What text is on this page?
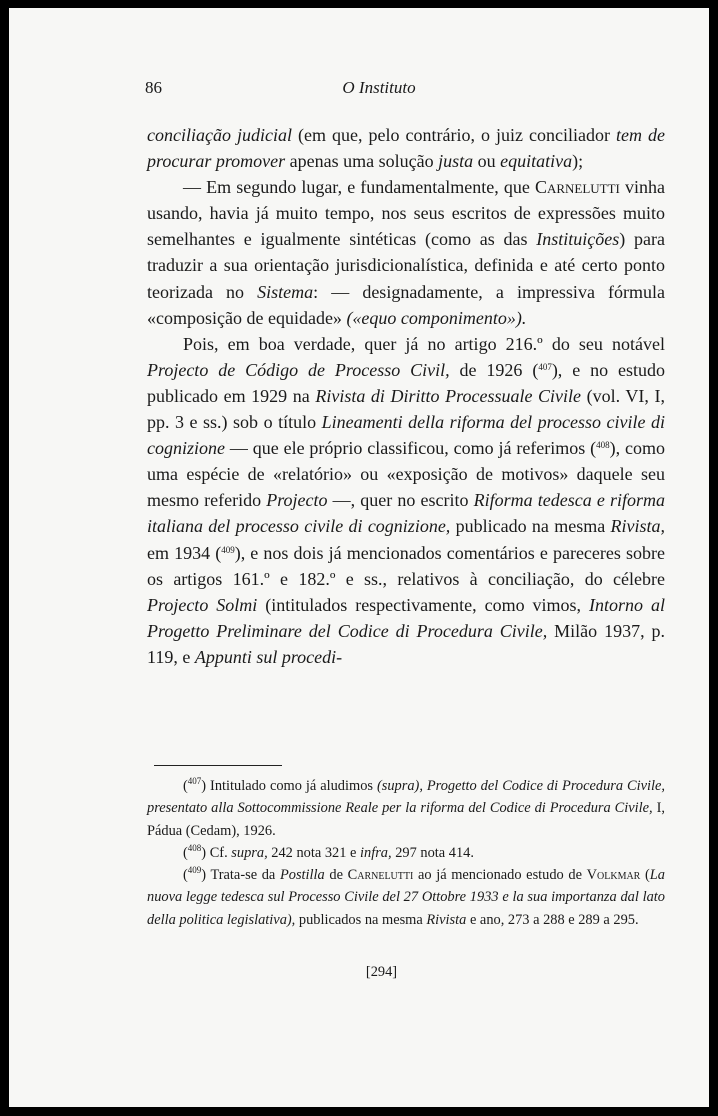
86	O Instituto

conciliação judicial (em que, pelo contrário, o juiz conciliador tem de procurar promover apenas uma solução justa ou equitativa);

— Em segundo lugar, e fundamentalmente, que Carnelutti vinha usando, havia já muito tempo, nos seus escritos de expressões muito semelhantes e igualmente sintéticas (como as das Instituições) para traduzir a sua orientação jurisdicionalística, definida e até certo ponto teorizada no Sistema: — designadamente, a impressiva fórmula «composição de equidade» («equo componimento»).

Pois, em boa verdade, quer já no artigo 216.º do seu notável Projecto de Código de Processo Civil, de 1926 ($^{407}$), e no estudo publicado em 1929 na Rivista di Diritto Processuale Civile (vol. VI, I, pp. 3 e ss.) sob o título Lineamenti della riforma del processo civile di cognizione — que ele próprio classificou, como já referimos ($^{408}$), como uma espécie de «relatório» ou «exposição de motivos» daquele seu mesmo referido Projecto —, quer no escrito Riforma tedesca e riforma italiana del processo civile di cognizione, publicado na mesma Rivista, em 1934 ($^{409}$), e nos dois já mencionados comentários e pareceres sobre os artigos 161.º e 182.º e ss., relativos à conciliação, do célebre Projecto Solmi (intitulados respectivamente, como vimos, Intorno al Progetto Preliminare del Codice di Procedura Civile, Milão 1937, p. 119, e Appunti sul procedi-

($^{407}$) Intitulado como já aludimos (supra), Progetto del Codice di Procedura Civile, presentato alla Sottocommissione Reale per la riforma del Codice di Procedura Civile, I, Pádua (Cedam), 1926.

($^{408}$) Cf. supra, 242 nota 321 e infra, 297 nota 414.

($^{409}$) Trata-se da Postilla de Carnelutti ao já mencionado estudo de Volkmar (La nuova legge tedesca sul Processo Civile del 27 Ottobre 1933 e la sua importanza dal lato della politica legislativa), publicados na mesma Rivista e ano, 273 a 288 e 289 a 295.

[294]
